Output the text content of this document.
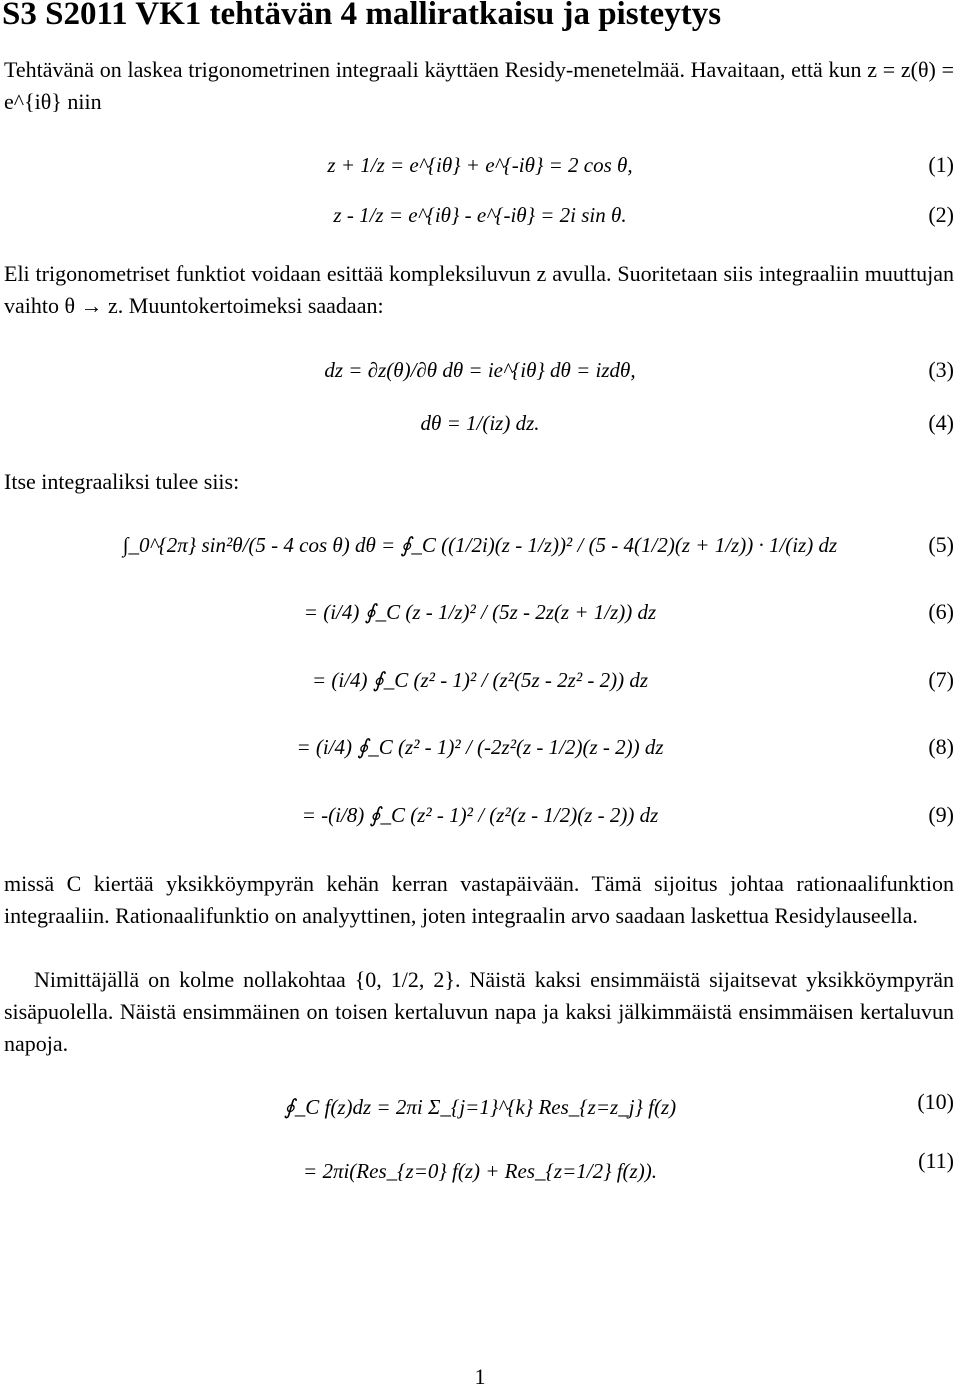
S3 S2011 VK1 tehtävän 4 malliratkaisu ja pisteytys

Tehtävänä on laskea trigonometrinen integraali käyttäen Residy-menetelmää. Havaitaan, että kun z = z(θ) = e^{iθ} niin

z + 1/z = e^{iθ} + e^{-iθ} = 2 cos θ,	(1)
z - 1/z = e^{iθ} - e^{-iθ} = 2i sin θ.	(2)

Eli trigonometriset funktiot voidaan esittää kompleksiluvun z avulla. Suoritetaan siis integraaliin muuttujan vaihto θ → z. Muuntokertoimeksi saadaan:

dz = ∂z(θ)/∂θ dθ = ie^{iθ} dθ = izdθ,	(3)
dθ = 1/(iz) dz.	(4)

Itse integraaliksi tulee siis:

∫_0^{2π} sin²θ/(5 - 4 cos θ) dθ = ∮_C ((1/2i)(z - 1/z))² / (5 - 4(1/2)(z + 1/z)) · 1/(iz) dz	(5)
= (i/4) ∮_C (z - 1/z)² / (5z - 2z(z + 1/z)) dz	(6)
= (i/4) ∮_C (z² - 1)² / (z²(5z - 2z² - 2)) dz	(7)
= (i/4) ∮_C (z² - 1)² / (-2z²(z - 1/2)(z - 2)) dz	(8)
= -(i/8) ∮_C (z² - 1)² / (z²(z - 1/2)(z - 2)) dz	(9)

missä C kiertää yksikköympyrän kehän kerran vastapäivään. Tämä sijoitus johtaa rationaalifunktion integraaliin. Rationaalifunktio on analyyttinen, joten integraalin arvo saadaan laskettua Residylauseella.

Nimittäjällä on kolme nollakohtaa {0, 1/2, 2}. Näistä kaksi ensimmäistä sijaitsevat yksikköympyrän sisäpuolella. Näistä ensimmäinen on toisen kertaluvun napa ja kaksi jälkimmäistä ensimmäisen kertaluvun napoja.

∮_C f(z)dz = 2πi Σ_{j=1}^{k} Res_{z=z_j} f(z)	(10)
= 2πi(Res_{z=0} f(z) + Res_{z=1/2} f(z)).	(11)
1
